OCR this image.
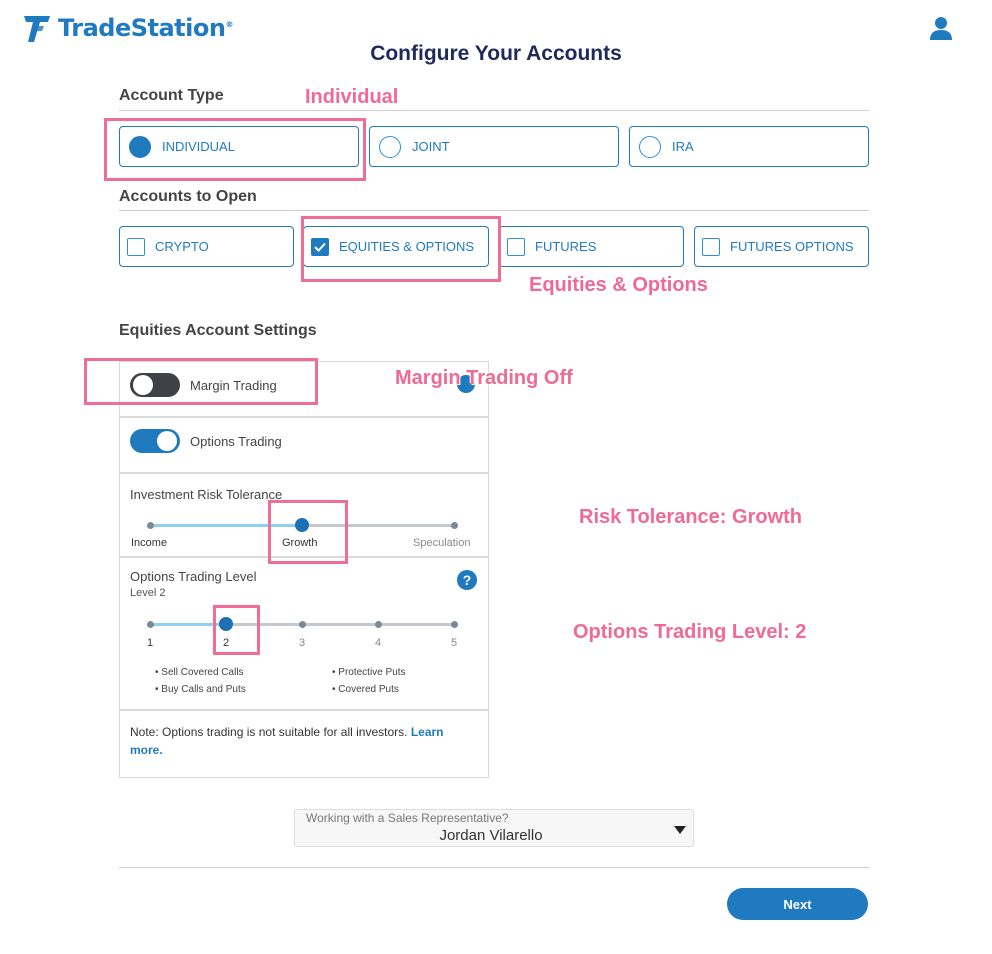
TradeStation®
Configure Your Accounts
Account Type
INDIVIDUAL	JOINT	IRA
Accounts to Open
CRYPTO	EQUITIES & OPTIONS	FUTURES	FUTURES OPTIONS
Equities Account Settings
Margin Trading
Options Trading
Investment Risk Tolerance
Income	Growth	Speculation
Options Trading Level
Level 2
?
1	2	3	4	5
• Sell Covered Calls	• Protective Puts
• Buy Calls and Puts	• Covered Puts
Note: Options trading is not suitable for all investors. Learn
more.
Working with a Sales Representative?
Jordan Vilarello
Next
Individual
Equities & Options
Margin Trading Off
Risk Tolerance: Growth
Options Trading Level: 2
